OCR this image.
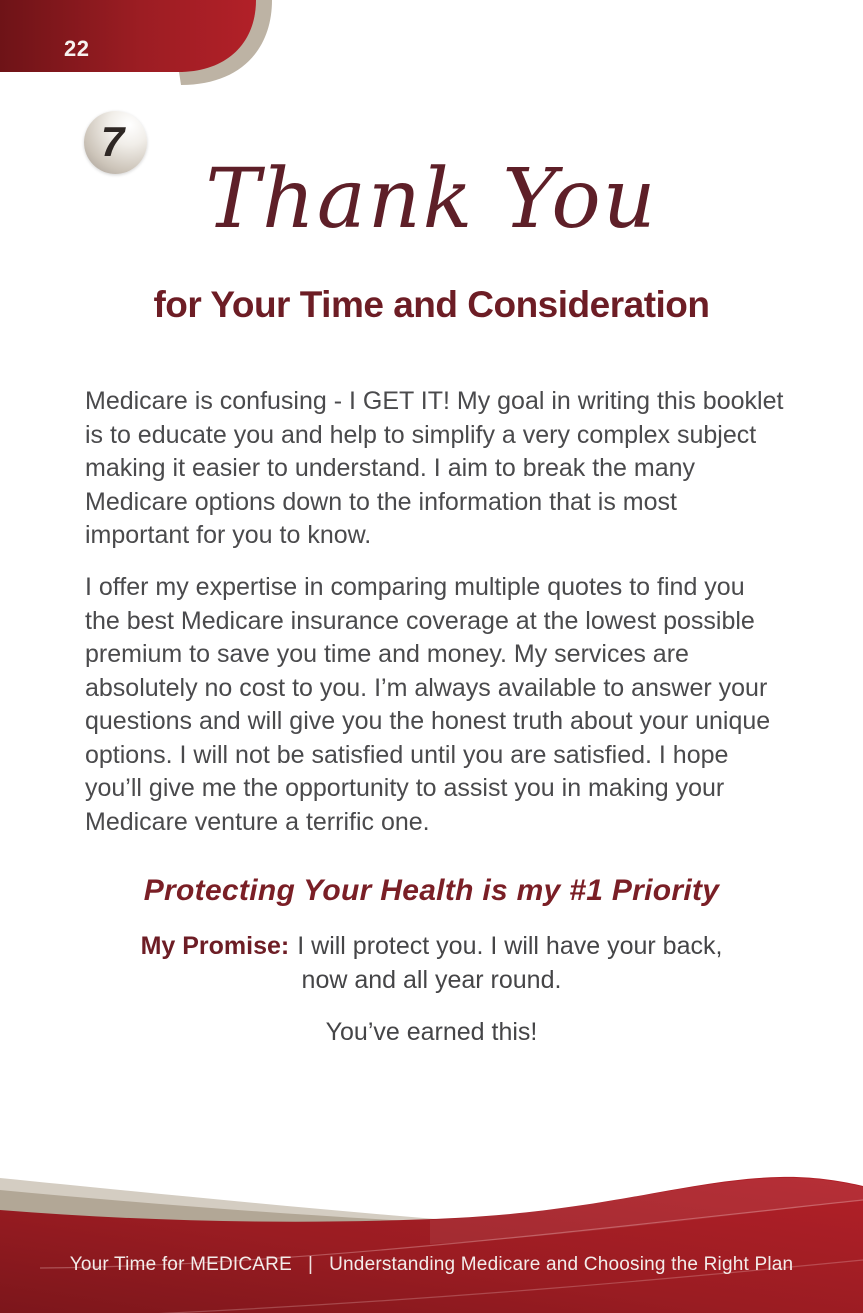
22
7
Thank You
for Your Time and Consideration

Medicare is confusing - I GET IT! My goal in writing this booklet is to educate you and help to simplify a very complex subject making it easier to understand. I aim to break the many Medicare options down to the information that is most important for you to know.

I offer my expertise in comparing multiple quotes to find you the best Medicare insurance coverage at the lowest possible premium to save you time and money. My services are absolutely no cost to you. I’m always available to answer your questions and will give you the honest truth about your unique options. I will not be satisfied until you are satisfied. I hope you’ll give me the opportunity to assist you in making your Medicare venture a terrific one.

Protecting Your Health is my #1 Priority

My Promise: I will protect you. I will have your back,

now and all year round.

You’ve earned this!

Your Time for MEDICARE | Understanding Medicare and Choosing the Right Plan
